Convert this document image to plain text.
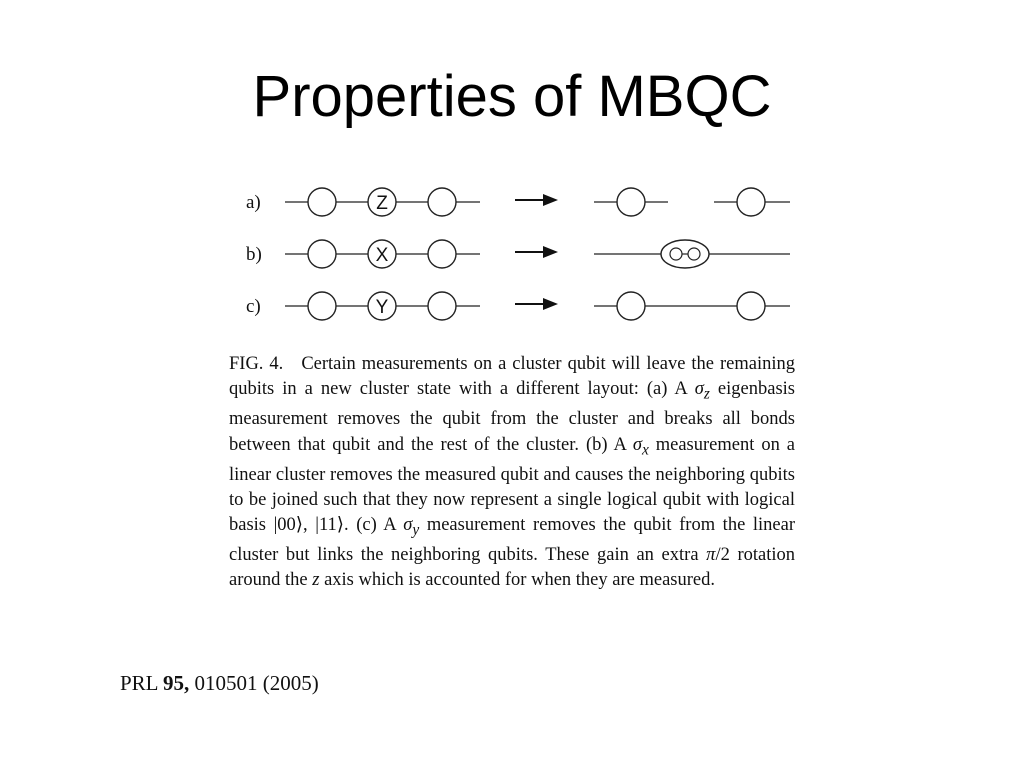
Properties of MBQC
a)	Z
b)	X
c)	Y
FIG. 4. Certain measurements on a cluster qubit will leave the remaining qubits in a new cluster state with a different layout: (a) A $\sigma_z$ eigenbasis measurement removes the qubit from the cluster and breaks all bonds between that qubit and the rest of the cluster. (b) A $\sigma_x$ measurement on a linear cluster removes the measured qubit and causes the neighboring qubits to be joined such that they now represent a single logical qubit with logical basis |00⟩, |11⟩. (c) A $\sigma_y$ measurement removes the qubit from the linear cluster but links the neighboring qubits. These gain an extra π/2 rotation around the z axis which is accounted for when they are measured.
PRL 95, 010501 (2005)
